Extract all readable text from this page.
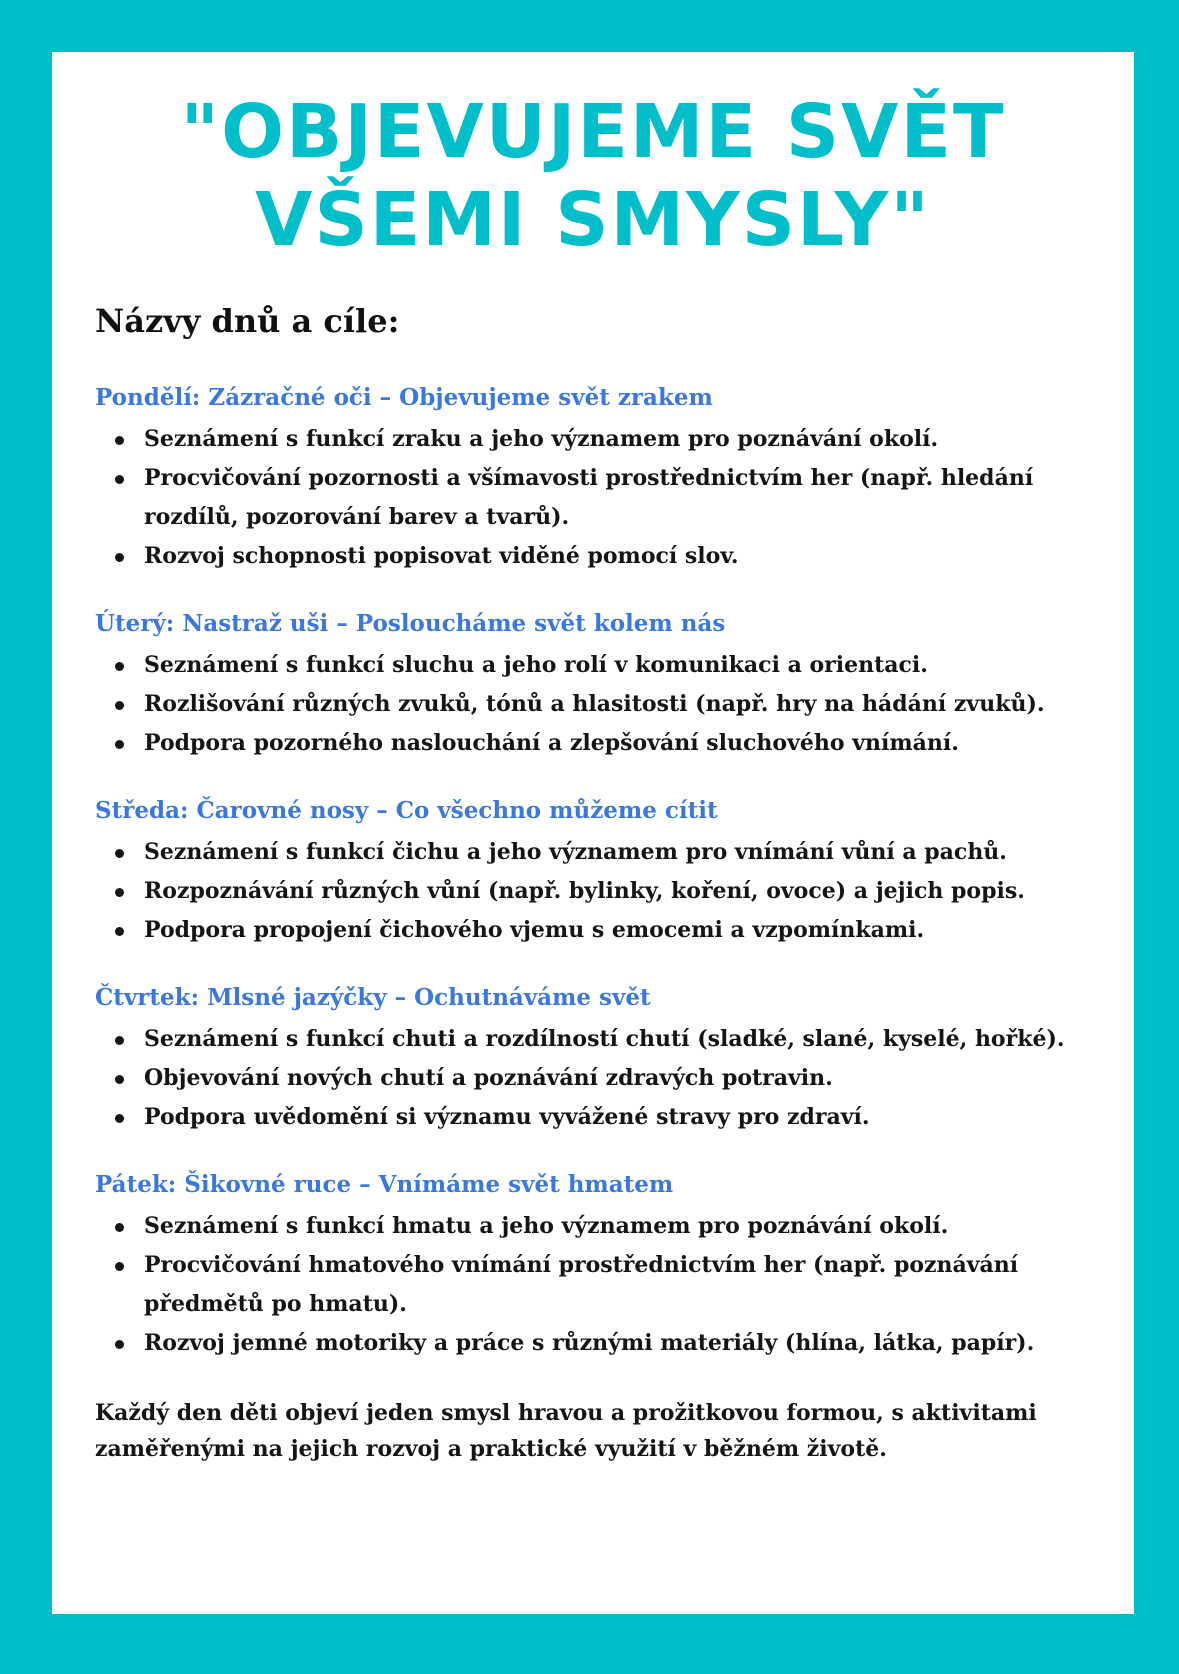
"OBJEVUJEME SVĚT
VŠEMI SMYSLY"
Názvy dnů a cíle:
Pondělí: Zázračné oči – Objevujeme svět zrakem
Seznámení s funkcí zraku a jeho významem pro poznávání okolí.
Procvičování pozornosti a všímavosti prostřednictvím her (např. hledání rozdílů, pozorování barev a tvarů).
Rozvoj schopnosti popisovat viděné pomocí slov.
Úterý: Nastraž uši – Posloucháme svět kolem nás
Seznámení s funkcí sluchu a jeho rolí v komunikaci a orientaci.
Rozlišování různých zvuků, tónů a hlasitosti (např. hry na hádání zvuků).
Podpora pozorného naslouchání a zlepšování sluchového vnímání.
Středa: Čarovné nosy – Co všechno můžeme cítit
Seznámení s funkcí čichu a jeho významem pro vnímání vůní a pachů.
Rozpoznávání různých vůní (např. bylinky, koření, ovoce) a jejich popis.
Podpora propojení čichového vjemu s emocemi a vzpomínkami.
Čtvrtek: Mlsné jazýčky – Ochutnáváme svět
Seznámení s funkcí chuti a rozdílností chutí (sladké, slané, kyselé, hořké).
Objevování nových chutí a poznávání zdravých potravin.
Podpora uvědomění si významu vyvážené stravy pro zdraví.
Pátek: Šikovné ruce – Vnímáme svět hmatem
Seznámení s funkcí hmatu a jeho významem pro poznávání okolí.
Procvičování hmatového vnímání prostřednictvím her (např. poznávání předmětů po hmatu).
Rozvoj jemné motoriky a práce s různými materiály (hlína, látka, papír).

Každý den děti objeví jeden smysl hravou a prožitkovou formou, s aktivitami zaměřenými na jejich rozvoj a praktické využití v běžném životě.
